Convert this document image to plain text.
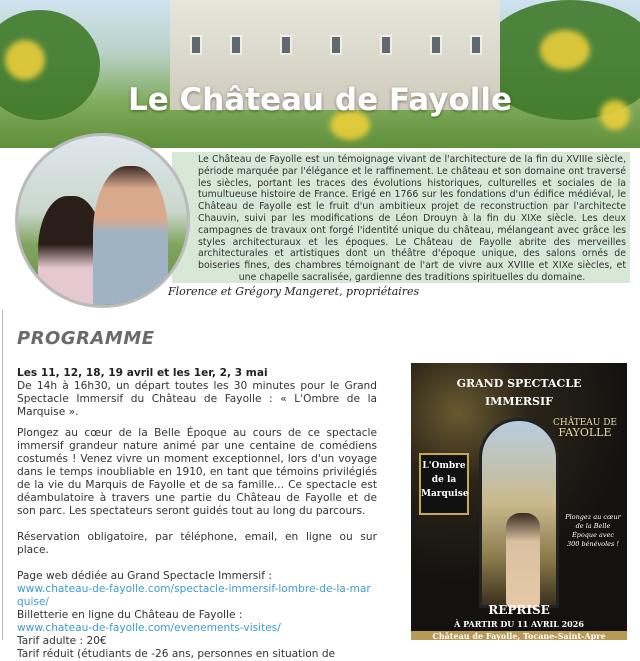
Le Château de Fayolle
Le Château de Fayolle est un témoignage vivant de l'architecture de la fin du XVIIIe siècle, période marquée par l'élégance et le raffinement. Le château et son domaine ont traversé les siècles, portant les traces des évolutions historiques, culturelles et sociales de la tumultueuse histoire de France. Erigé en 1766 sur les fondations d'un édifice médiéval, le Château de Fayolle est le fruit d'un ambitieux projet de reconstruction par l'architecte Chauvin, suivi par les modifications de Léon Drouyn à la fin du XIXe siècle. Les deux campagnes de travaux ont forgé l'identité unique du château, mélangeant avec grâce les styles architecturaux et les époques. Le Château de Fayolle abrite des merveilles architecturales et artistiques dont un théâtre d'époque unique, des salons ornés de boiseries fines, des chambres témoignant de l'art de vivre aux XVIIIe et XIXe siècles, et une chapelle sacralisée, gardienne des traditions spirituelles du domaine.
Florence et Grégory Mangeret, propriétaires
PROGRAMME
Les 11, 12, 18, 19 avril et les 1er, 2, 3 mai

De 14h à 16h30, un départ toutes les 30 minutes pour le Grand Spectacle Immersif du Château de Fayolle : « L'Ombre de la Marquise ».

Plongez au cœur de la Belle Époque au cours de ce spectacle immersif grandeur nature animé par une centaine de comédiens costumés ! Venez vivre un moment exceptionnel, lors d'un voyage dans le temps inoubliable en 1910, en tant que témoins privilégiés de la vie du Marquis de Fayolle et de sa famille... Ce spectacle est déambulatoire à travers une partie du Château de Fayolle et de son parc. Les spectateurs seront guidés tout au long du parcours.

Réservation obligatoire, par téléphone, email, en ligne ou sur place.

Page web dédiée au Grand Spectacle Immersif :
www.chateau-de-fayolle.com/spectacle-immersif-lombre-de-la-marquise/
Billetterie en ligne du Château de Fayolle :
www.chateau-de-fayolle.com/evenements-visites/
Tarif adulte : 20€
Tarif réduit (étudiants de -26 ans, personnes en situation de
GRAND SPECTACLE
IMMERSIF
CHÂTEAU DE
FAYOLLE
L'Ombre de la Marquise
Plongez au cœur de la Belle Époque avec 300 bénévoles !
REPRISE
À PARTIR DU 11 AVRIL 2026
Château de Fayolle, Tocane-Saint-Apre
